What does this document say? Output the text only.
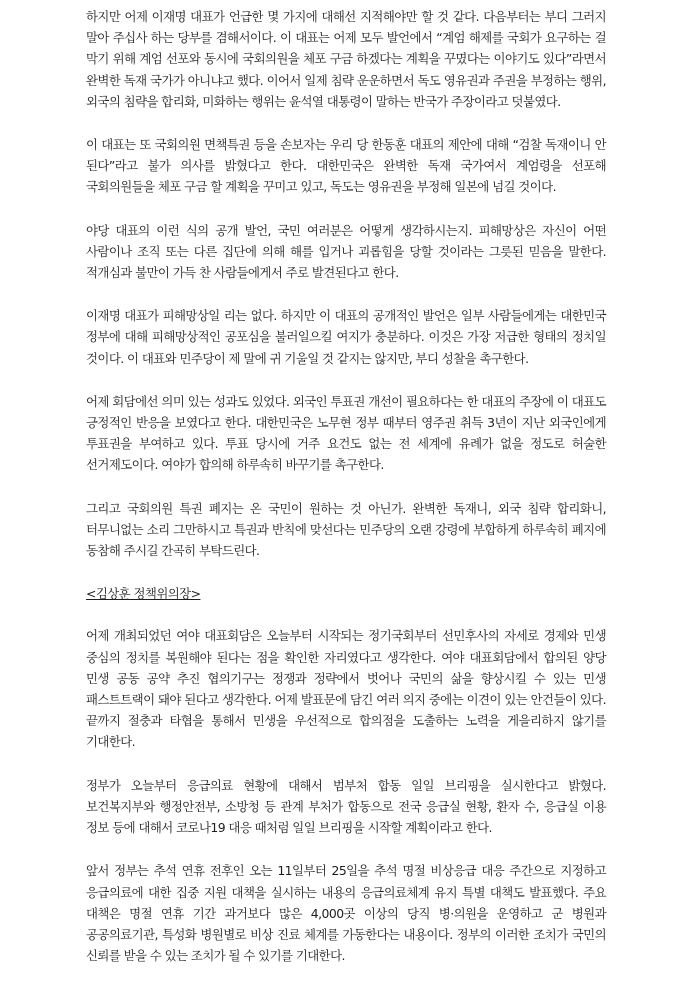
하지만 어제 이재명 대표가 언급한 몇 가지에 대해선 지적해야만 할 것 같다. 다음부터는 부디 그러지 말아 주십사 하는 당부를 겸해서이다. 이 대표는 어제 모두 발언에서 “계엄 해제를 국회가 요구하는 걸 막기 위해 계엄 선포와 동시에 국회의원을 체포 구금 하겠다는 계획을 꾸몄다는 이야기도 있다”라면서 완벽한 독재 국가가 아니냐고 했다. 이어서 일제 침략 운운하면서 독도 영유권과 주권을 부정하는 행위, 외국의 침략을 합리화, 미화하는 행위는 윤석열 대통령이 말하는 반국가 주장이라고 덧붙였다.

이 대표는 또 국회의원 면책특권 등을 손보자는 우리 당 한동훈 대표의 제안에 대해 “검찰 독재이니 안 된다”라고 불가 의사를 밝혔다고 한다. 대한민국은 완벽한 독재 국가여서 계엄령을 선포해 국회의원들을 체포 구금 할 계획을 꾸미고 있고, 독도는 영유권을 부정해 일본에 넘길 것이다.

야당 대표의 이런 식의 공개 발언, 국민 여러분은 어떻게 생각하시는지. 피해망상은 자신이 어떤 사람이나 조직 또는 다른 집단에 의해 해를 입거나 괴롭힘을 당할 것이라는 그릇된 믿음을 말한다. 적개심과 불만이 가득 찬 사람들에게서 주로 발견된다고 한다.

이재명 대표가 피해망상일 리는 없다. 하지만 이 대표의 공개적인 발언은 일부 사람들에게는 대한민국 정부에 대해 피해망상적인 공포심을 불러일으킬 여지가 충분하다. 이것은 가장 저급한 형태의 정치일 것이다. 이 대표와 민주당이 제 말에 귀 기울일 것 같지는 않지만, 부디 성찰을 촉구한다.

어제 회담에선 의미 있는 성과도 있었다. 외국인 투표권 개선이 필요하다는 한 대표의 주장에 이 대표도 긍정적인 반응을 보였다고 한다. 대한민국은 노무현 정부 때부터 영주권 취득 3년이 지난 외국인에게 투표권을 부여하고 있다. 투표 당시에 거주 요건도 없는 전 세계에 유례가 없을 정도로 허술한 선거제도이다. 여야가 합의해 하루속히 바꾸기를 촉구한다.

그리고 국회의원 특권 폐지는 온 국민이 원하는 것 아닌가. 완벽한 독재니, 외국 침략 합리화니, 터무니없는 소리 그만하시고 특권과 반칙에 맞선다는 민주당의 오랜 강령에 부합하게 하루속히 폐지에 동참해 주시길 간곡히 부탁드린다.

<김상훈 정책위의장>

어제 개최되었던 여야 대표회담은 오늘부터 시작되는 정기국회부터 선민후사의 자세로 경제와 민생 중심의 정치를 복원해야 된다는 점을 확인한 자리였다고 생각한다. 여야 대표회담에서 합의된 양당 민생 공동 공약 추진 협의기구는 정쟁과 정략에서 벗어나 국민의 삶을 향상시킬 수 있는 민생 패스트트랙이 돼야 된다고 생각한다. 어제 발표문에 담긴 여러 의지 중에는 이견이 있는 안건들이 있다. 끝까지 절충과 타협을 통해서 민생을 우선적으로 합의점을 도출하는 노력을 게을리하지 않기를 기대한다.

정부가 오늘부터 응급의료 현황에 대해서 범부처 합동 일일 브리핑을 실시한다고 밝혔다. 보건복지부와 행정안전부, 소방청 등 관계 부처가 합동으로 전국 응급실 현황, 환자 수, 응급실 이용 정보 등에 대해서 코로나19 대응 때처럼 일일 브리핑을 시작할 계획이라고 한다.

앞서 정부는 추석 연휴 전후인 오는 11일부터 25일을 추석 명절 비상응급 대응 주간으로 지정하고 응급의료에 대한 집중 지원 대책을 실시하는 내용의 응급의료체계 유지 특별 대책도 발표했다. 주요 대책은 명절 연휴 기간 과거보다 많은 4,000곳 이상의 당직 병·의원을 운영하고 군 병원과 공공의료기관, 특성화 병원별로 비상 진료 체계를 가동한다는 내용이다. 정부의 이러한 조치가 국민의 신뢰를 받을 수 있는 조치가 될 수 있기를 기대한다.
